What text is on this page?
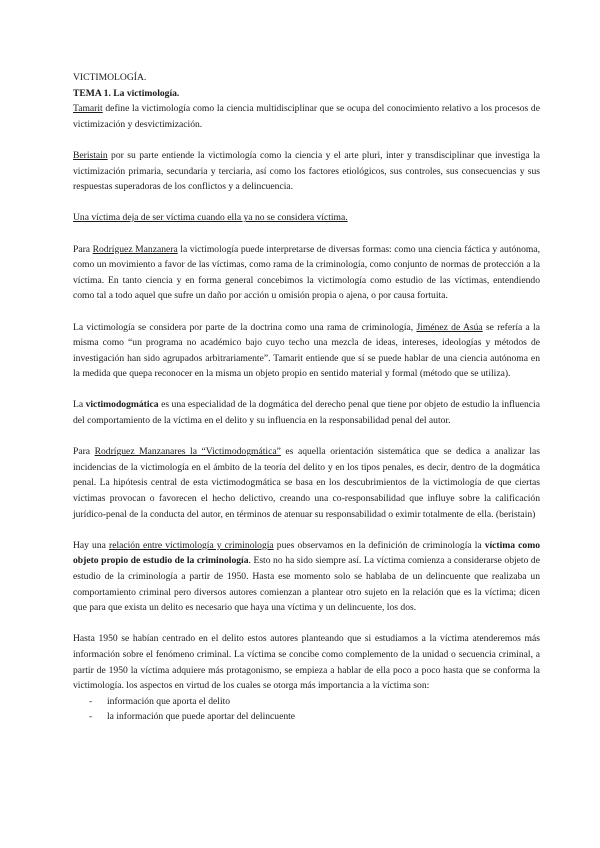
VICTIMOLOGÍA.

TEMA 1. La victimología.

Tamarit define la victimología como la ciencia multidisciplinar que se ocupa del conocimiento relativo a los procesos de victimización y desvictimización.

Beristain por su parte entiende la victimología como la ciencia y el arte pluri, inter y transdisciplinar que investiga la victimización primaria, secundaria y terciaria, así como los factores etiológicos, sus controles, sus consecuencias y sus respuestas superadoras de los conflictos y a delincuencia.

Una víctima deja de ser víctima cuando ella ya no se considera víctima.

Para Rodríguez Manzanera la victimología puede interpretarse de diversas formas: como una ciencia fáctica y autónoma, como un movimiento a favor de las víctimas, como rama de la criminología, como conjunto de normas de protección a la víctima. En tanto ciencia y en forma general concebimos la victimología como estudio de las víctimas, entendiendo como tal a todo aquel que sufre un daño por acción u omisión propia o ajena, o por causa fortuita.

La victimología se considera por parte de la doctrina como una rama de criminología, Jiménez de Asúa se refería a la misma como “un programa no académico bajo cuyo techo una mezcla de ideas, intereses, ideologías y métodos de investigación han sido agrupados arbitrariamente”. Tamarit entiende que sí se puede hablar de una ciencia autónoma en la medida que quepa reconocer en la misma un objeto propio en sentido material y formal (método que se utiliza).

La victimodogmática es una especialidad de la dogmática del derecho penal que tiene por objeto de estudio la influencia del comportamiento de la víctima en el delito y su influencia en la responsabilidad penal del autor.

Para Rodríguez Manzanares la “Victimodogmática” es aquella orientación sistemática que se dedica a analizar las incidencias de la victimología en el ámbito de la teoría del delito y en los tipos penales, es decir, dentro de la dogmática penal. La hipótesis central de esta victimodogmática se basa en los descubrimientos de la victimología de que ciertas víctimas provocan o favorecen el hecho delictivo, creando una co-responsabilidad que influye sobre la calificación jurídico-penal de la conducta del autor, en términos de atenuar su responsabilidad o eximir totalmente de ella. (beristain)

Hay una relación entre victimología y criminología pues observamos en la definición de criminología la víctima como objeto propio de estudio de la criminología. Esto no ha sido siempre así. La víctima comienza a considerarse objeto de estudio de la criminología a partir de 1950. Hasta ese momento solo se hablaba de un delincuente que realizaba un comportamiento criminal pero diversos autores comienzan a plantear otro sujeto en la relación que es la víctima; dicen que para que exista un delito es necesario que haya una víctima y un delincuente, los dos.

Hasta 1950 se habían centrado en el delito estos autores planteando que si estudiamos a la víctima atenderemos más información sobre el fenómeno criminal. La víctima se concibe como complemento de la unidad o secuencia criminal, a partir de 1950 la víctima adquiere más protagonismo, se empieza a hablar de ella poco a poco hasta que se conforma la victimología. los aspectos en virtud de los cuales se otorga más importancia a la víctima son:

- información que aporta el delito
- la información que puede aportar del delincuente
